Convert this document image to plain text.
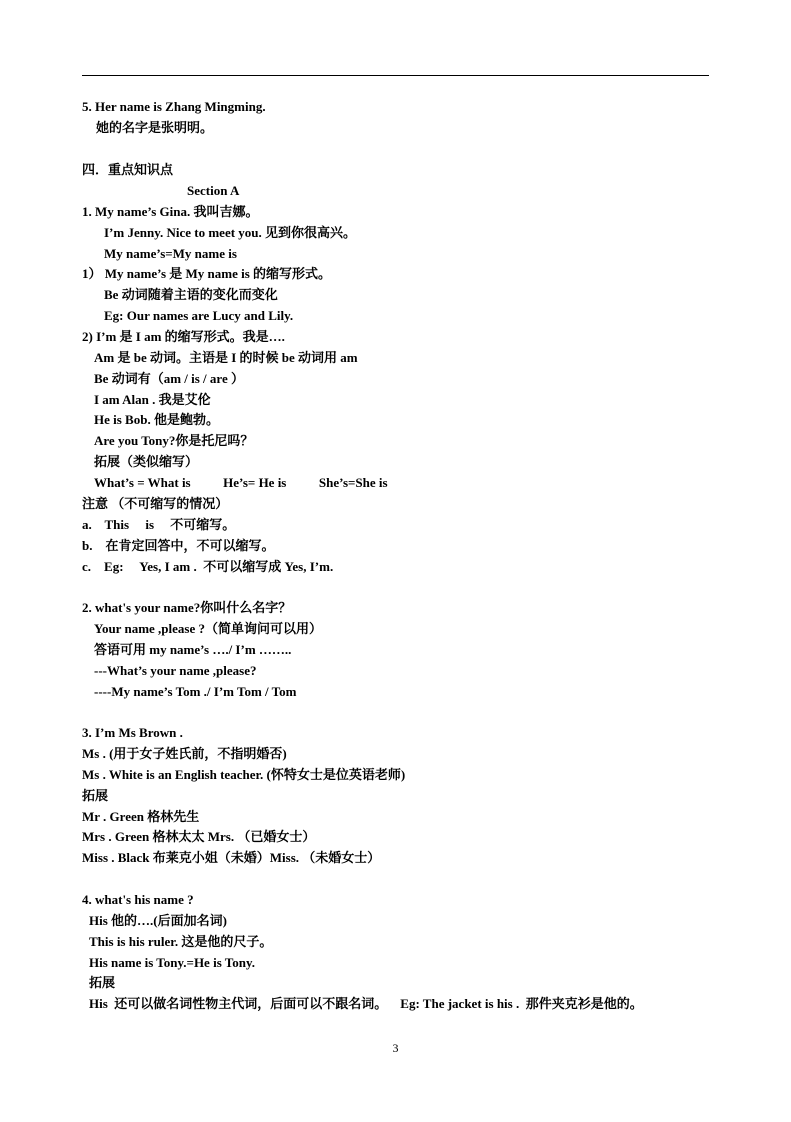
5. Her name is Zhang Mingming.
她的名字是张明明。
四．重点知识点
Section A
1. My name’s Gina. 我叫吉娜。
I’m Jenny. Nice to meet you. 见到你很高兴。
My name’s=My name is
1） My name’s 是 My name is 的缩写形式。
Be 动词随着主语的变化而变化
Eg: Our names are Lucy and Lily.
2) I’m 是 I am 的缩写形式。我是….
Am 是 be 动词。主语是 I 的时候 be 动词用 am
Be 动词有（am / is / are ）
I am Alan . 我是艾伦
He is Bob. 他是鲍勃。
Are you Tony?你是托尼吗？
拓展（类似缩写）
What’s = What is          He’s= He is          She’s=She is
注意 （不可缩写的情况）
a.    This     is     不可缩写。
b.    在肯定回答中，不可以缩写。
c.    Eg:     Yes, I am .  不可以缩写成 Yes, I’m.
2. what's your name?你叫什么名字？
Your name ,please ?（简单询问可以用）
答语可用 my name’s …./ I’m ……..
---What’s your name ,please?
----My name’s Tom ./ I’m Tom / Tom
3. I’m Ms Brown .
Ms . (用于女子姓氏前，不指明婚否)
Ms . White is an English teacher. (怀特女士是位英语老师)
拓展
Mr . Green 格林先生
Mrs . Green 格林太太 Mrs. （已婚女士）
Miss . Black 布莱克小姐（未婚）Miss. （未婚女士）
4. what's his name ?
His 他的….(后面加名词)
This is his ruler. 这是他的尺子。
His name is Tony.=He is Tony.
拓展
His  还可以做名词性物主代词，后面可以不跟名词。    Eg: The jacket is his .  那件夹克衫是他的。
3
